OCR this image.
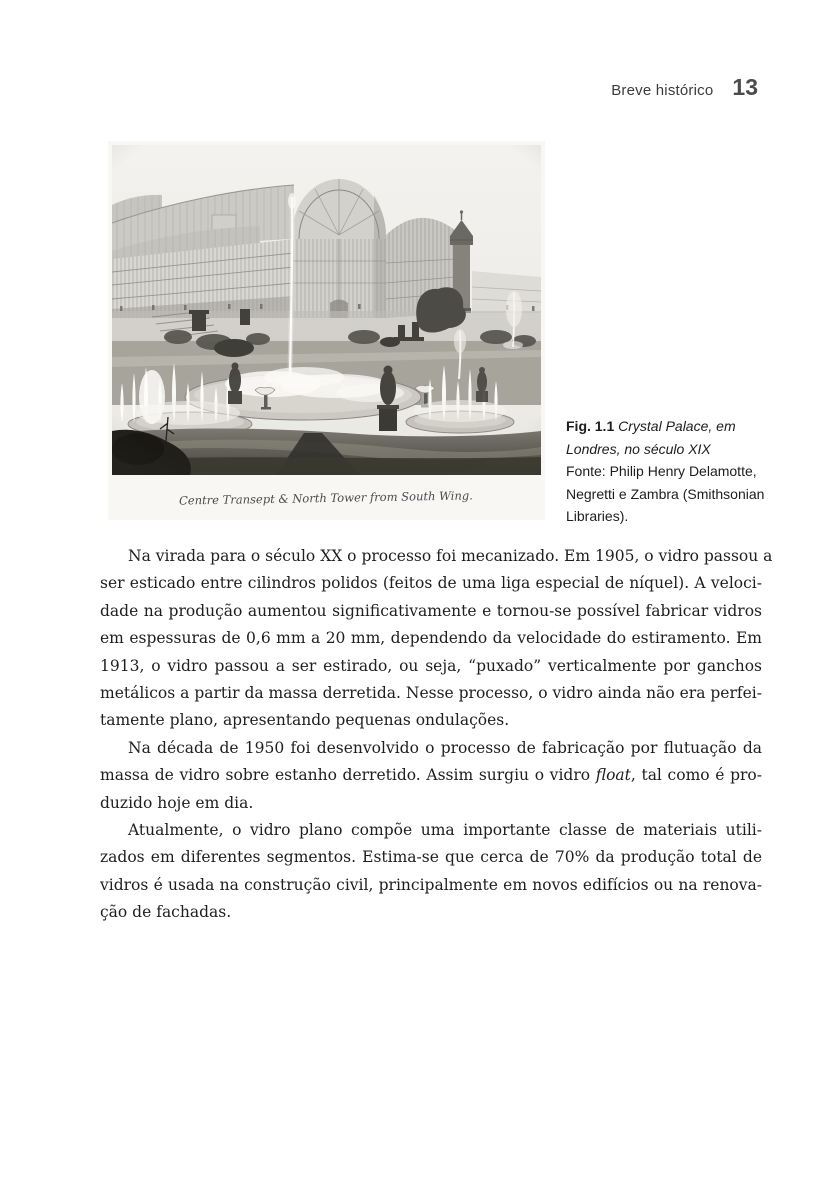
Breve histórico 13
Centre Transept & North Tower from South Wing.
Fig. 1.1 Crystal Palace, em Londres, no século XIX
Fonte: Philip Henry Delamotte,
Negretti e Zambra (Smithsonian
Libraries).
Na virada para o século XX o processo foi mecanizado. Em 1905, o vidro passou a
ser esticado entre cilindros polidos (feitos de uma liga especial de níquel). A veloci-
dade na produção aumentou significativamente e tornou-se possível fabricar vidros
em espessuras de 0,6 mm a 20 mm, dependendo da velocidade do estiramento. Em
1913, o vidro passou a ser estirado, ou seja, “puxado” verticalmente por ganchos
metálicos a partir da massa derretida. Nesse processo, o vidro ainda não era perfei-
tamente plano, apresentando pequenas ondulações.
Na década de 1950 foi desenvolvido o processo de fabricação por flutuação da
massa de vidro sobre estanho derretido. Assim surgiu o vidro float, tal como é pro-
duzido hoje em dia.
Atualmente, o vidro plano compõe uma importante classe de materiais utili-
zados em diferentes segmentos. Estima-se que cerca de 70% da produção total de
vidros é usada na construção civil, principalmente em novos edifícios ou na renova-
ção de fachadas.
